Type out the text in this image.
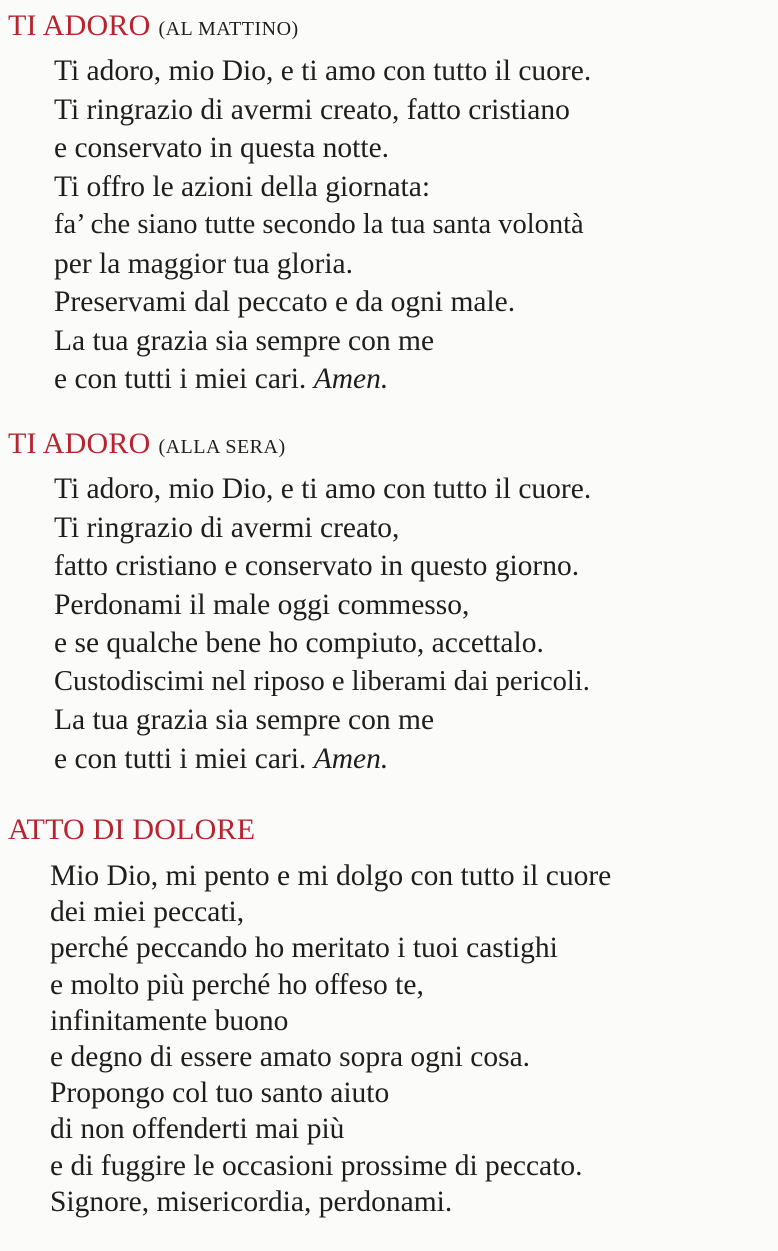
TI ADORO (AL MATTINO)
Ti adoro, mio Dio, e ti amo con tutto il cuore.
Ti ringrazio di avermi creato, fatto cristiano
e conservato in questa notte.
Ti offro le azioni della giornata:
fa’ che siano tutte secondo la tua santa volontà
per la maggior tua gloria.
Preservami dal peccato e da ogni male.
La tua grazia sia sempre con me
e con tutti i miei cari. Amen.
TI ADORO (ALLA SERA)
Ti adoro, mio Dio, e ti amo con tutto il cuore.
Ti ringrazio di avermi creato,
fatto cristiano e conservato in questo giorno.
Perdonami il male oggi commesso,
e se qualche bene ho compiuto, accettalo.
Custodiscimi nel riposo e liberami dai pericoli.
La tua grazia sia sempre con me
e con tutti i miei cari. Amen.
ATTO DI DOLORE
Mio Dio, mi pento e mi dolgo con tutto il cuore
dei miei peccati,
perché peccando ho meritato i tuoi castighi
e molto più perché ho offeso te,
infinitamente buono
e degno di essere amato sopra ogni cosa.
Propongo col tuo santo aiuto
di non offenderti mai più
e di fuggire le occasioni prossime di peccato.
Signore, misericordia, perdonami.
